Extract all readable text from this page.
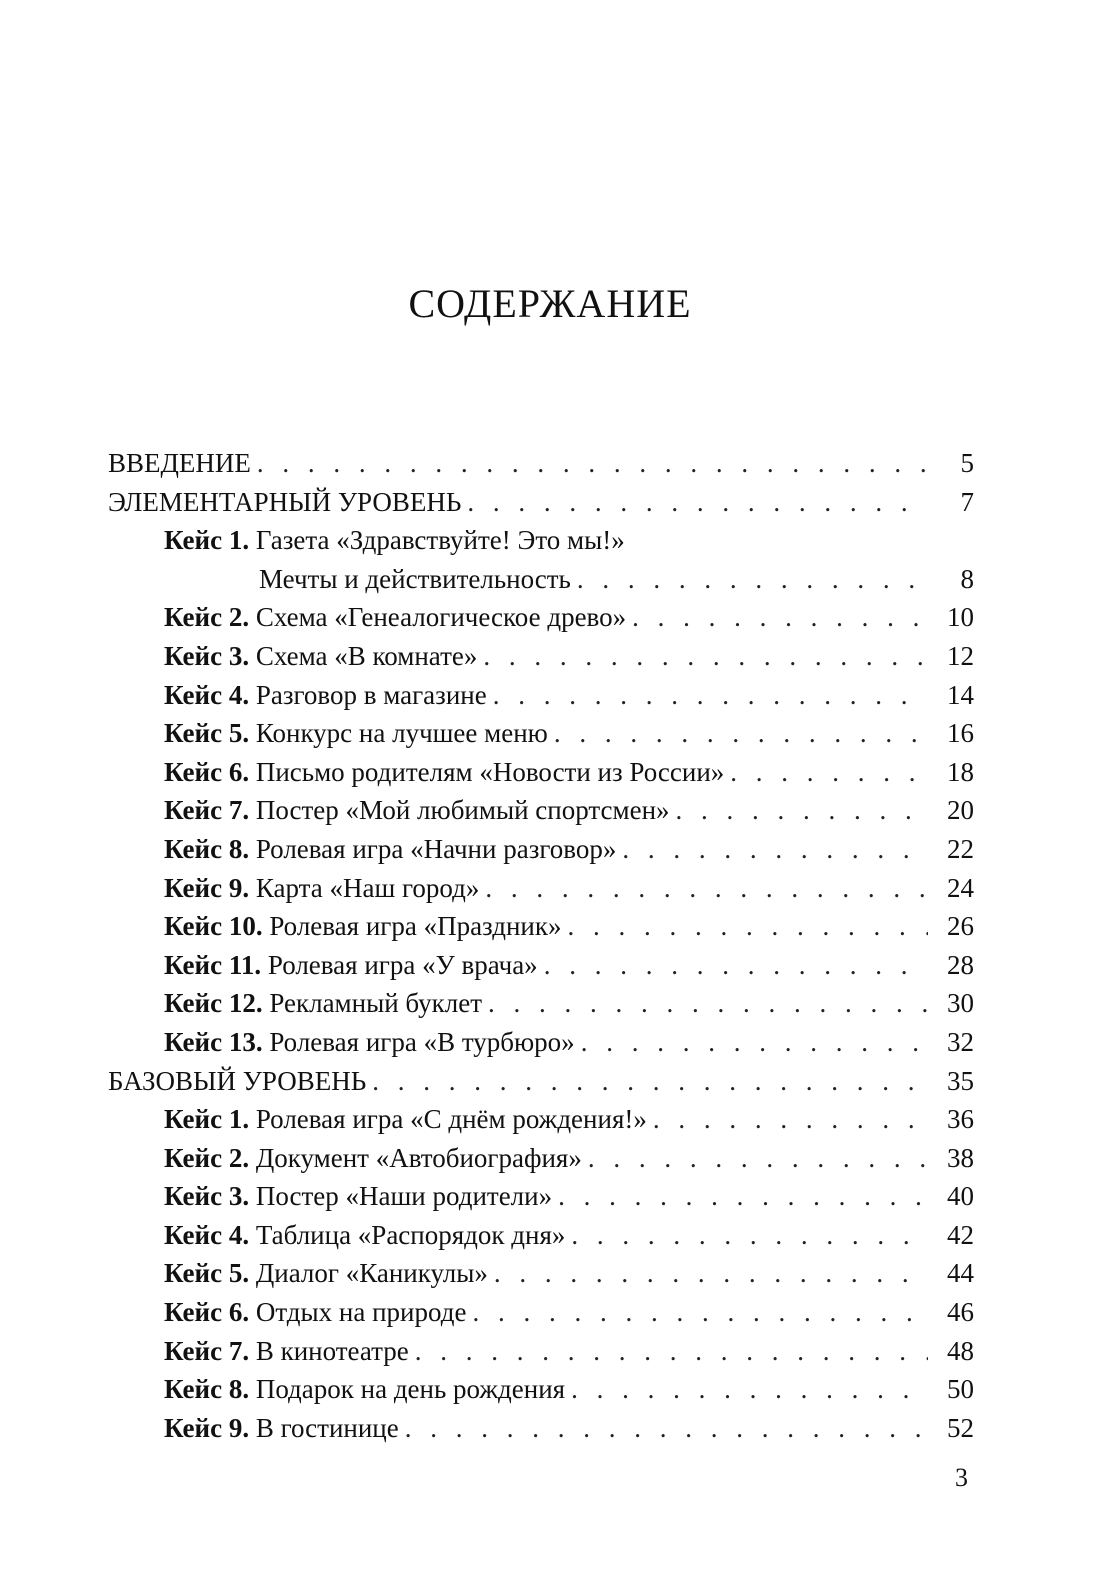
СОДЕРЖАНИЕ
ВВЕДЕНИЕ . . .	5
ЭЛЕМЕНТАРНЫЙ УРОВЕНЬ . . .	7
Кейс 1. Газета «Здравствуйте! Это мы!»
Мечты и действительность . . .	8
Кейс 2. Схема «Генеалогическое древо» . . .	10
Кейс 3. Схема «В комнате» . . .	12
Кейс 4. Разговор в магазине . . .	14
Кейс 5. Конкурс на лучшее меню . . .	16
Кейс 6. Письмо родителям «Новости из России» . . .	18
Кейс 7. Постер «Мой любимый спортсмен» . . .	20
Кейс 8. Ролевая игра «Начни разговор» . . .	22
Кейс 9. Карта «Наш город» . . .	24
Кейс 10. Ролевая игра «Праздник» . . .	26
Кейс 11. Ролевая игра «У врача» . . .	28
Кейс 12. Рекламный буклет . . .	30
Кейс 13. Ролевая игра «В турбюро» . . .	32
БАЗОВЫЙ УРОВЕНЬ . . .	35
Кейс 1. Ролевая игра «С днём рождения!» . . .	36
Кейс 2. Документ «Автобиография» . . .	38
Кейс 3. Постер «Наши родители» . . .	40
Кейс 4. Таблица «Распорядок дня» . . .	42
Кейс 5. Диалог «Каникулы» . . .	44
Кейс 6. Отдых на природе . . .	46
Кейс 7. В кинотеатре . . .	48
Кейс 8. Подарок на день рождения . . .	50
Кейс 9. В гостинице . . .	52
3
